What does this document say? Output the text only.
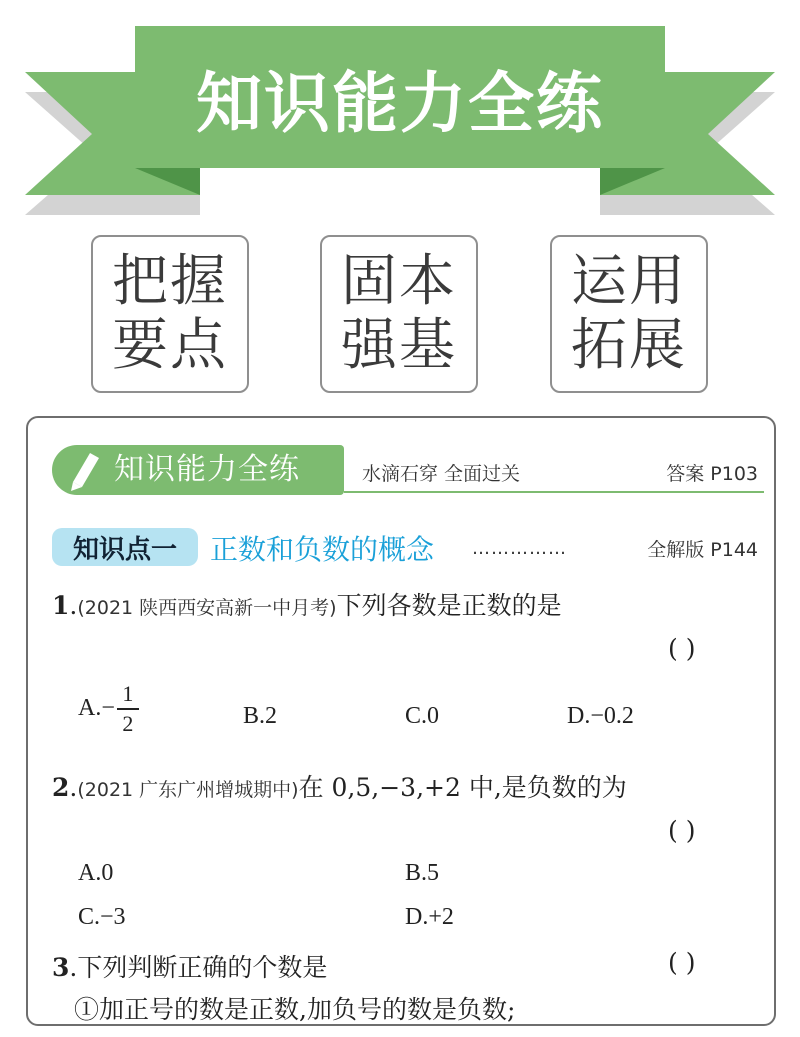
知识能力全练
把握
要点
固本
强基
运用
拓展
知识能力全练	水滴石穿 全面过关	答案 P103
知识点一	正数和负数的概念 ……………	全解版 P144
1.(2021 陕西西安高新一中月考)下列各数是正数的是
( )
$A.- \frac{1}{2}$	B.2	C.0	D.−0.2
2.(2021 广东广州增城期中)在 0,5,−3,+2 中,是负数的为
( )
A.0	B.5
C.−3	D.+2
3.下列判断正确的个数是	( )
①加正号的数是正数,加负号的数是负数;
